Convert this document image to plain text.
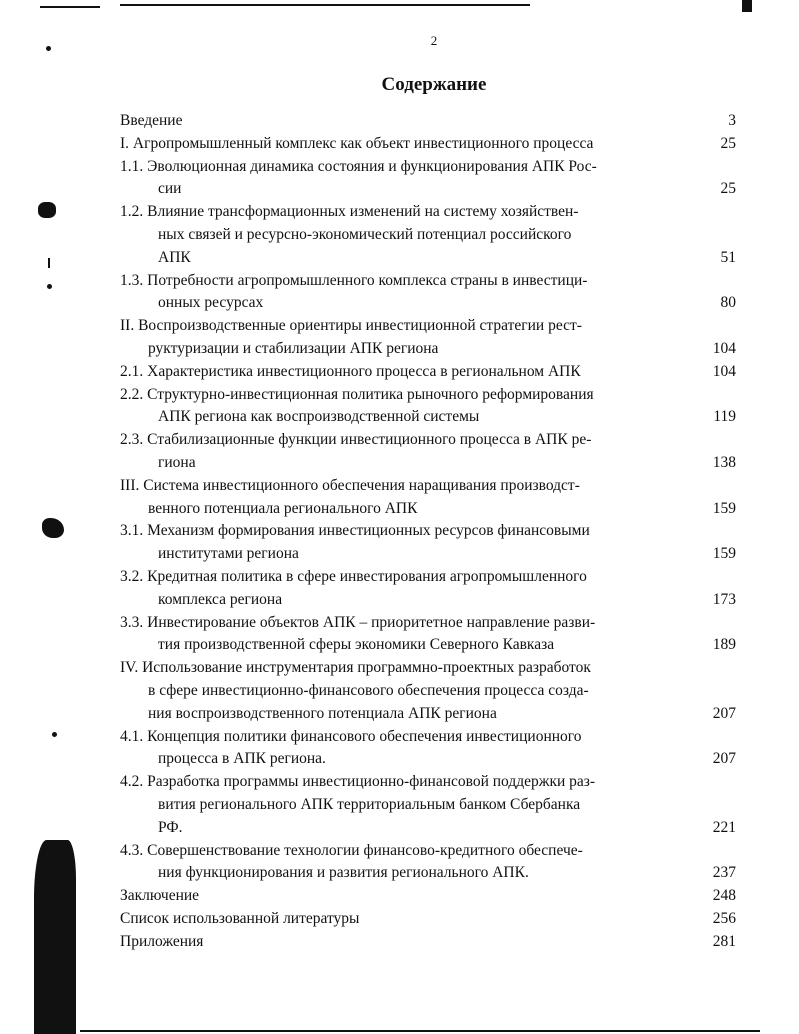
2
Содержание
Введение	3
I. Агропромышленный комплекс как объект инвестиционного процесса	25
1.1. Эволюционная динамика состояния и функционирования АПК Рос-
сии	25
1.2. Влияние трансформационных изменений на систему хозяйствен-
ных связей и ресурсно-экономический потенциал российского
АПК	51
1.3. Потребности агропромышленного комплекса страны в инвестици-
онных ресурсах	80
II. Воспроизводственные ориентиры инвестиционной стратегии рест-
руктуризации и стабилизации АПК региона	104
2.1. Характеристика инвестиционного процесса в региональном АПК	104
2.2. Структурно-инвестиционная политика рыночного реформирования
АПК региона как воспроизводственной системы	119
2.3. Стабилизационные функции инвестиционного процесса в АПК ре-
гиона	138
III. Система инвестиционного обеспечения наращивания производст-
венного потенциала регионального АПК	159
3.1. Механизм формирования инвестиционных ресурсов финансовыми
институтами региона	159
3.2. Кредитная политика в сфере инвестирования агропромышленного
комплекса региона	173
3.3. Инвестирование объектов АПК – приоритетное направление разви-
тия производственной сферы экономики Северного Кавказа	189
IV. Использование инструментария программно-проектных разработок
в сфере инвестиционно-финансового обеспечения процесса созда-
ния воспроизводственного потенциала АПК региона	207
4.1. Концепция политики финансового обеспечения инвестиционного
процесса в АПК региона.	207
4.2. Разработка программы инвестиционно-финансовой поддержки раз-
вития регионального АПК территориальным банком Сбербанка
РФ.	221
4.3. Совершенствование технологии финансово-кредитного обеспече-
ния функционирования и развития регионального АПК.	237
Заключение	248
Список использованной литературы	256
Приложения	281
